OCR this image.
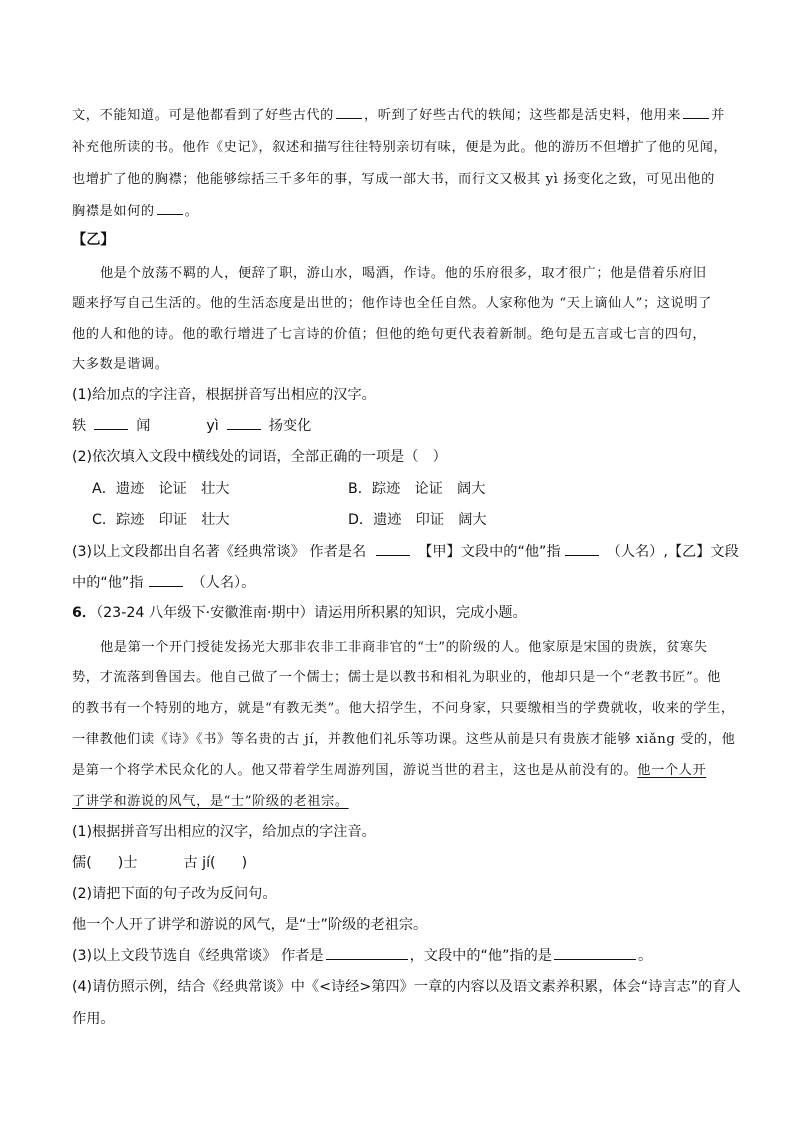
文，不能知道。可是他都看到了好些古代的 ，听到了好些古代的轶闻；这些都是活史料，他用来 并
补充他所读的书。他作《史记》，叙述和描写往往特别亲切有味，便是为此。他的游历不但增扩了他的见闻，
也增扩了他的胸襟；他能够综括三千多年的事，写成一部大书，而行文又极其 yì 扬变化之致，可见出他的
胸襟是如何的 。
【乙】
他是个放荡不羁的人，便辞了职，游山水，喝酒，作诗。他的乐府很多，取才很广；他是借着乐府旧
题来抒写自己生活的。他的生活态度是出世的；他作诗也全任自然。人家称他为 “天上谪仙人”；这说明了
他的人和他的诗。他的歌行增进了七言诗的价值；但他的绝句更代表着新制。绝句是五言或七言的四句，
大多数是谐调。
(1)给加点的字注音，根据拼音写出相应的汉字。
轶	闻	yì	扬变化
(2)依次填入文段中横线处的词语，全部正确的一项是（　）
A．遗迹　论证　壮大	B．踪迹　论证　阔大
C．踪迹　印证　壮大	D．遗迹　印证　阔大
(3)以上文段都出自名著《经典常谈》 作者是名	【甲】文段中的“他”指	（人名）,【乙】文段
中的“他”指	（人名）。
6．（23-24 八年级下·安徽淮南·期中）请运用所积累的知识，完成小题。
他是第一个开门授徒发扬光大那非农非工非商非官的“士”的阶级的人。他家原是宋国的贵族，贫寒失
势，才流落到鲁国去。他自己做了一个儒士；儒士是以教书和相礼为职业的，他却只是一个“老教书匠”。他
的教书有一个特别的地方，就是“有教无类”。他大招学生，不问身家，只要缴相当的学费就收，收来的学生，
一律教他们读《诗》《书》等名贵的古 jí，并教他们礼乐等功课。这些从前是只有贵族才能够 xiǎng 受的，他
是第一个将学术民众化的人。他又带着学生周游列国，游说当世的君主，这也是从前没有的。他一个人开
了讲学和游说的风气，是“士”阶级的老祖宗。
(1)根据拼音写出相应的汉字，给加点的字注音。
儒( )士	古 jí( )
(2)请把下面的句子改为反问句。
他一个人开了讲学和游说的风气，是“士”阶级的老祖宗。
(3)以上文段节选自《经典常谈》 作者是	，文段中的“他”指的是	。
(4)请仿照示例，结合《经典常谈》中《<诗经>第四》一章的内容以及语文素养积累，体会“诗言志”的育人
作用。
